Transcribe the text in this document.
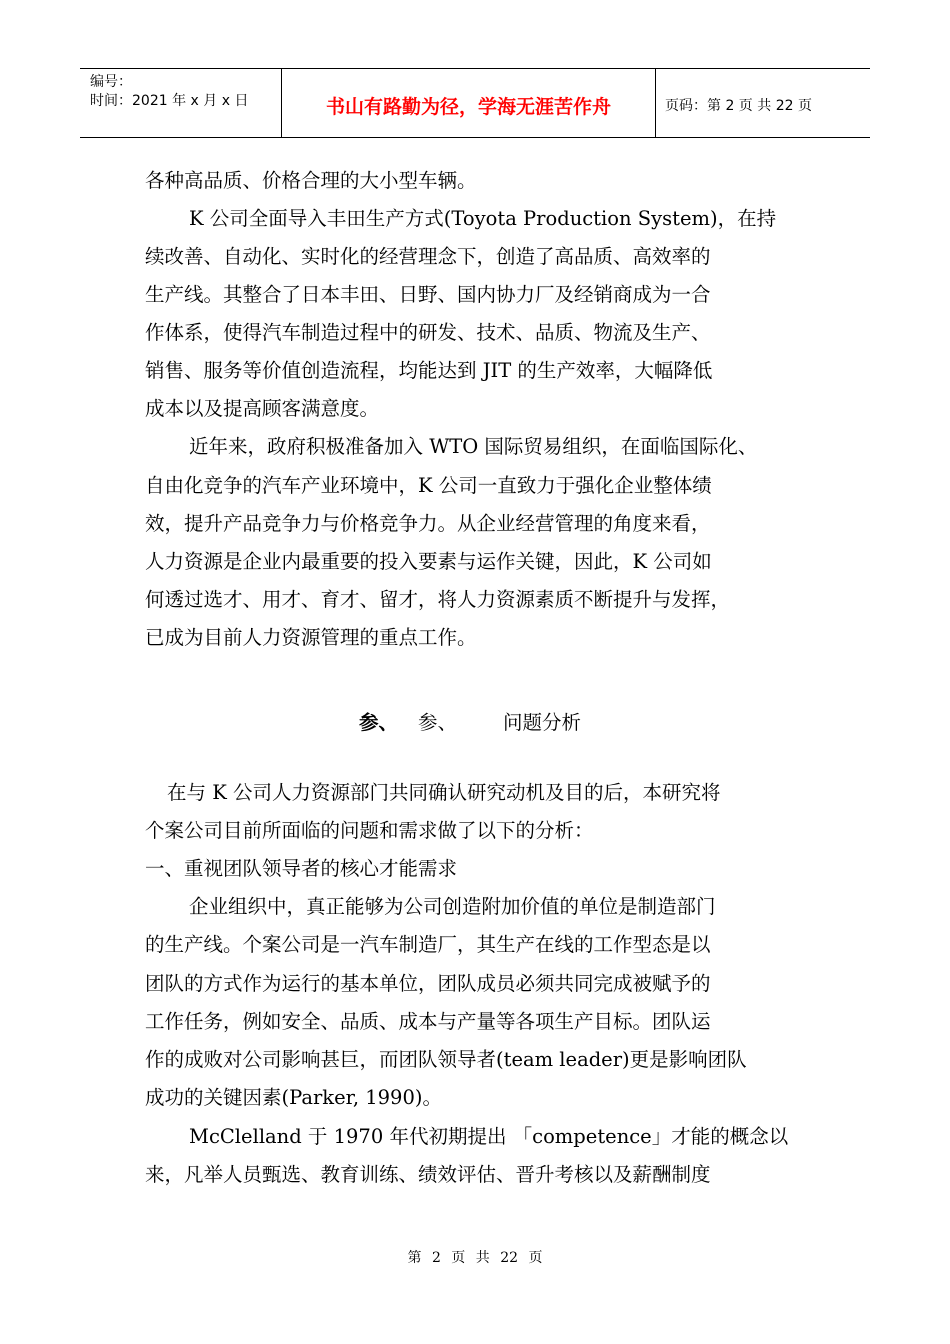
编号：
时间：2021 年 x 月 x 日	书山有路勤为径，学海无涯苦作舟	页码：第 2 页 共 22 页
各种高品质、价格合理的大小型车辆。
K 公司全面导入丰田生产方式(Toyota Production System)，在持
续改善、自动化、实时化的经营理念下，创造了高品质、高效率的
生产线。其整合了日本丰田、日野、国内协力厂及经销商成为一合
作体系，使得汽车制造过程中的研发、技术、品质、物流及生产、
销售、服务等价值创造流程，均能达到 JIT 的生产效率，大幅降低
成本以及提高顾客满意度。
近年来，政府积极准备加入 WTO 国际贸易组织，在面临国际化、
自由化竞争的汽车产业环境中，K 公司一直致力于强化企业整体绩
效，提升产品竞争力与价格竞争力。从企业经营管理的角度来看，
人力资源是企业内最重要的投入要素与运作关键，因此，K 公司如
何透过选才、用才、育才、留才，将人力资源素质不断提升与发挥，
已成为目前人力资源管理的重点工作。
参、 参、 问题分析
在与 K 公司人力资源部门共同确认研究动机及目的后，本研究将
个案公司目前所面临的问题和需求做了以下的分析：
一、重视团队领导者的核心才能需求
企业组织中，真正能够为公司创造附加价值的单位是制造部门
的生产线。个案公司是一汽车制造厂，其生产在线的工作型态是以
团队的方式作为运行的基本单位，团队成员必须共同完成被赋予的
工作任务，例如安全、品质、成本与产量等各项生产目标。团队运
作的成败对公司影响甚巨，而团队领导者(team leader)更是影响团队
成功的关键因素(Parker, 1990)。
McClelland 于 1970 年代初期提出 「competence」才能的概念以
来，凡举人员甄选、教育训练、绩效评估、晋升考核以及薪酬制度
第 2 页 共 22 页
